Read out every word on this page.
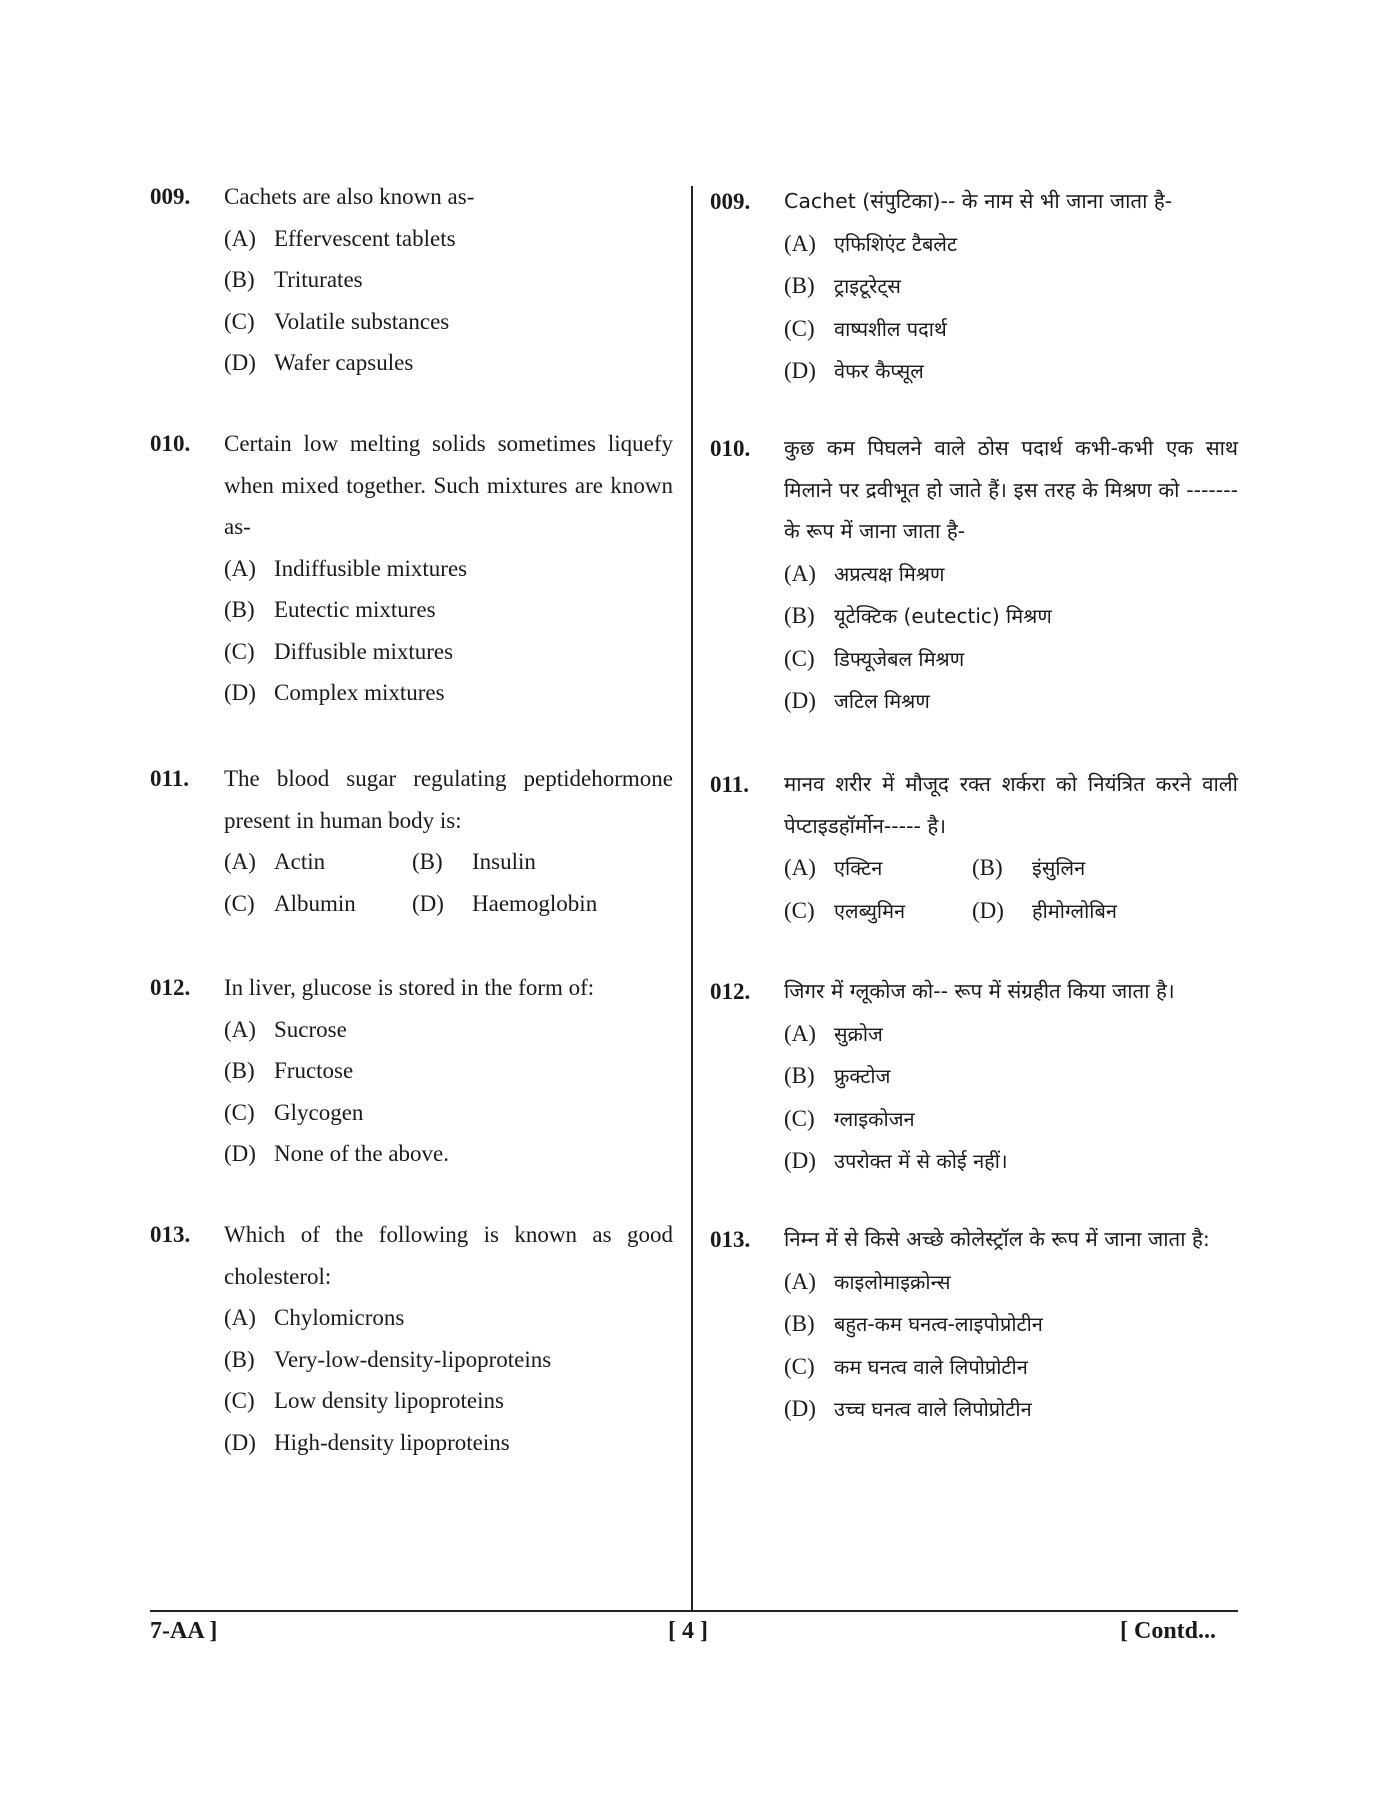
009. Cachets are also known as-
(A) Effervescent tablets
(B) Triturates
(C) Volatile substances
(D) Wafer capsules
010. Certain low melting solids sometimes liquefy when mixed together. Such mixtures are known as-
(A) Indiffusible mixtures
(B) Eutectic mixtures
(C) Diffusible mixtures
(D) Complex mixtures
011. The blood sugar regulating peptidehormone present in human body is:
(A) Actin	(B) Insulin
(C) Albumin (D) Haemoglobin
012. In liver, glucose is stored in the form of:
(A) Sucrose
(B) Fructose
(C) Glycogen
(D) None of the above.
013. Which of the following is known as good cholesterol:
(A) Chylomicrons
(B) Very-low-density-lipoproteins
(C) Low density lipoproteins
(D) High-density lipoproteins
009. Cachet (संपुटिका)-- के नाम से भी जाना जाता है-
(A) एफिशिएंट टैबलेट
(B) ट्राइटूरेट्स
(C) वाष्पशील पदार्थ
(D) वेफर कैप्सूल
010. कुछ कम पिघलने वाले ठोस पदार्थ कभी-कभी एक साथ मिलाने पर द्रवीभूत हो जाते हैं। इस तरह के मिश्रण को ------- के रूप में जाना जाता है-
(A) अप्रत्यक्ष मिश्रण
(B) यूटेक्टिक (eutectic) मिश्रण
(C) डिफ्यूजेबल मिश्रण
(D) जटिल मिश्रण
011. मानव शरीर में मौजूद रक्त शर्करा को नियंत्रित करने वाली पेप्टाइडहॉर्मोन----- है।
(A) एक्टिन	(B) इंसुलिन
(C) एलब्युमिन	(D) हीमोग्लोबिन
012. जिगर में ग्लूकोज को-- रूप में संग्रहीत किया जाता है।
(A) सुक्रोज
(B) फ्रुक्टोज
(C) ग्लाइकोजन
(D) उपरोक्त में से कोई नहीं।
013. निम्न में से किसे अच्छे कोलेस्ट्रॉल के रूप में जाना जाता है:
(A) काइलोमाइक्रोन्स
(B) बहुत-कम घनत्व-लाइपोप्रोटीन
(C) कम घनत्व वाले लिपोप्रोटीन
(D) उच्च घनत्व वाले लिपोप्रोटीन
7-AA ]	[ 4 ]	[ Contd...
